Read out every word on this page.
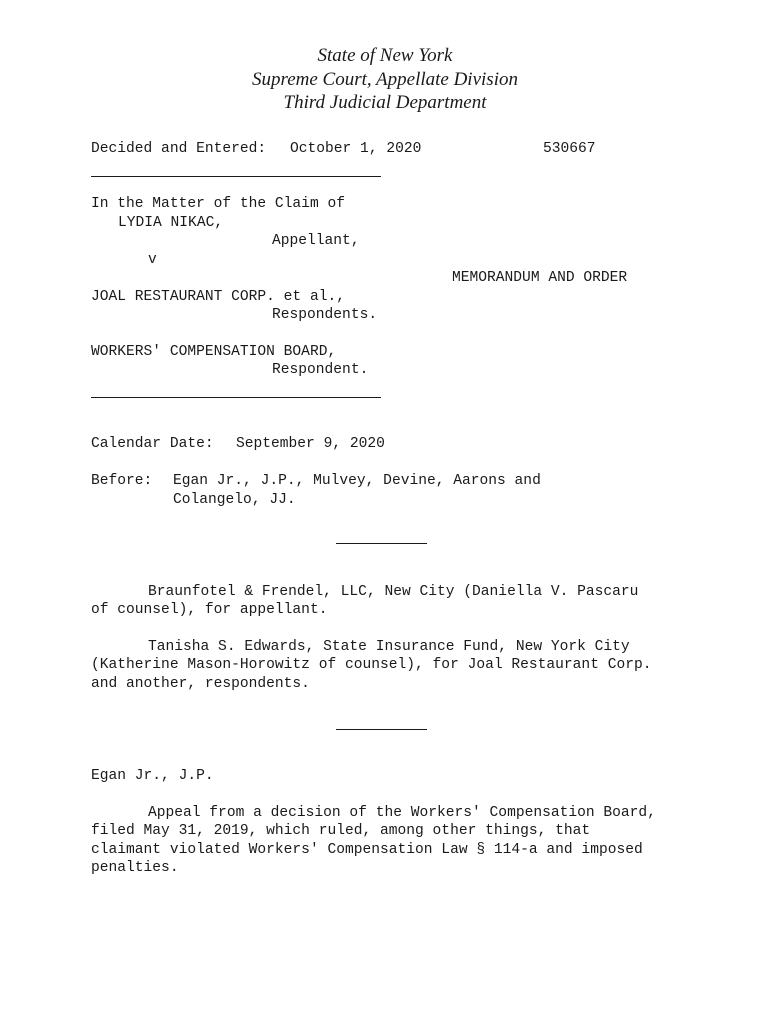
State of New York
Supreme Court, Appellate Division
Third Judicial Department
Decided and Entered: October 1, 2020	530667
In the Matter of the Claim of
LYDIA NIKAC,
Appellant,
v
MEMORANDUM AND ORDER
JOAL RESTAURANT CORP. et al.,
Respondents.
WORKERS' COMPENSATION BOARD,
Respondent.
Calendar Date: September 9, 2020
Before: Egan Jr., J.P., Mulvey, Devine, Aarons and
Colangelo, JJ.
Braunfotel & Frendel, LLC, New City (Daniella V. Pascaru
of counsel), for appellant.
Tanisha S. Edwards, State Insurance Fund, New York City
(Katherine Mason-Horowitz of counsel), for Joal Restaurant Corp.
and another, respondents.
Egan Jr., J.P.
Appeal from a decision of the Workers' Compensation Board,
filed May 31, 2019, which ruled, among other things, that
claimant violated Workers' Compensation Law § 114-a and imposed
penalties.
